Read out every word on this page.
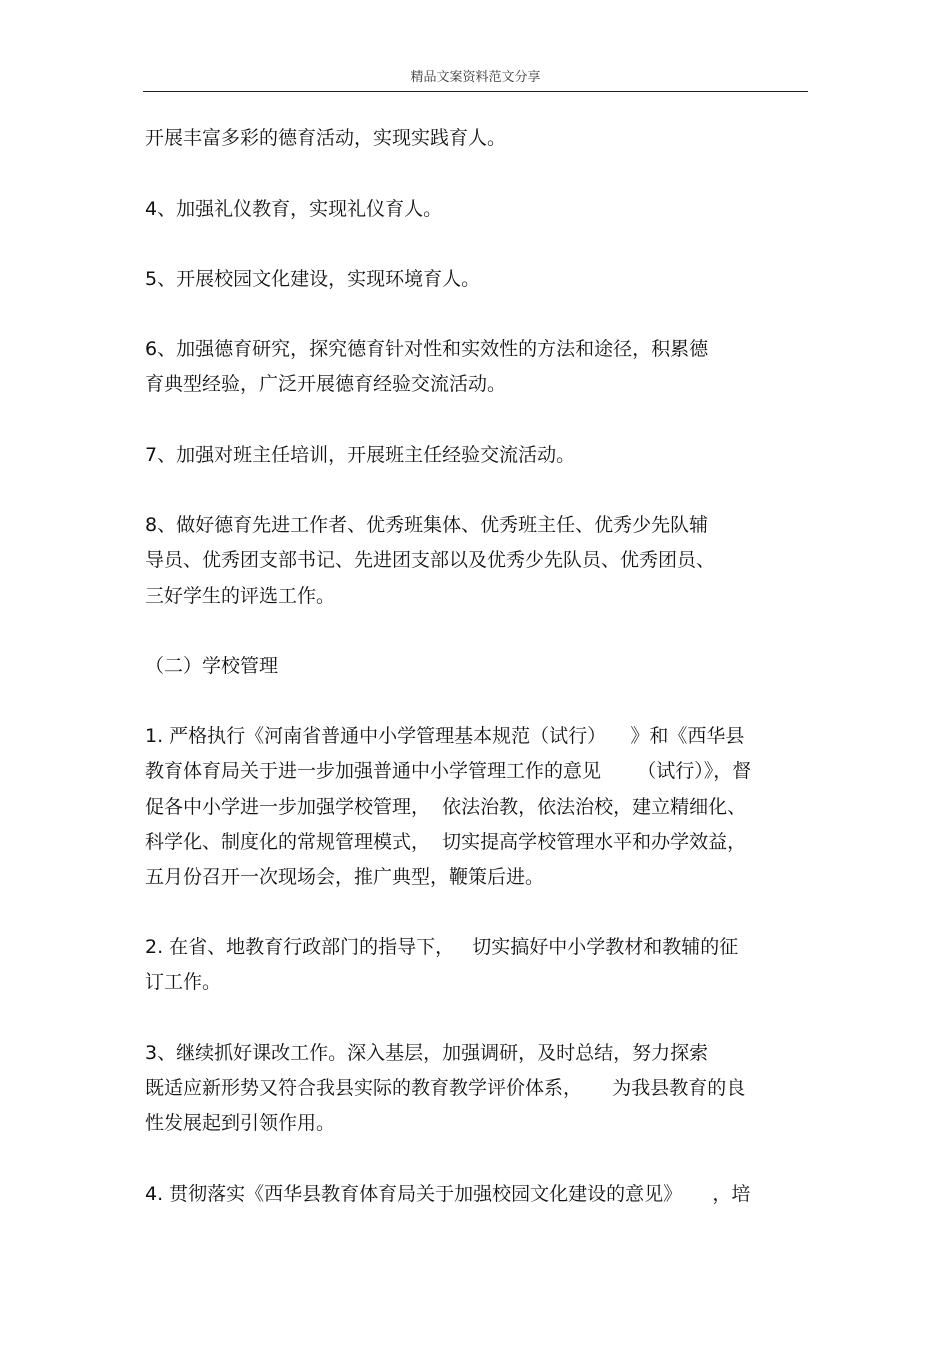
精品文案资料范文分享
开展丰富多彩的德育活动，实现实践育人。
4、加强礼仪教育，实现礼仪育人。
5、开展校园文化建设，实现环境育人。
6、加强德育研究，探究德育针对性和实效性的方法和途径，积累德
育典型经验，广泛开展德育经验交流活动。
7、加强对班主任培训，开展班主任经验交流活动。
8、做好德育先进工作者、优秀班集体、优秀班主任、优秀少先队辅
导员、优秀团支部书记、先进团支部以及优秀少先队员、优秀团员、
三好学生的评选工作。
（二）学校管理
1. 严格执行《河南省普通中小学管理基本规范（试行）    》和《西华县
教育体育局关于进一步加强普通中小学管理工作的意见      （试行）》，督
促各中小学进一步加强学校管理，  依法治教，依法治校，建立精细化、
科学化、制度化的常规管理模式，  切实提高学校管理水平和办学效益，
五月份召开一次现场会，推广典型，鞭策后进。
2. 在省、地教育行政部门的指导下，   切实搞好中小学教材和教辅的征
订工作。
3、继续抓好课改工作。深入基层，加强调研，及时总结，努力探索
既适应新形势又符合我县实际的教育教学评价体系，     为我县教育的良
性发展起到引领作用。
4. 贯彻落实《西华县教育体育局关于加强校园文化建设的意见》     ，培
